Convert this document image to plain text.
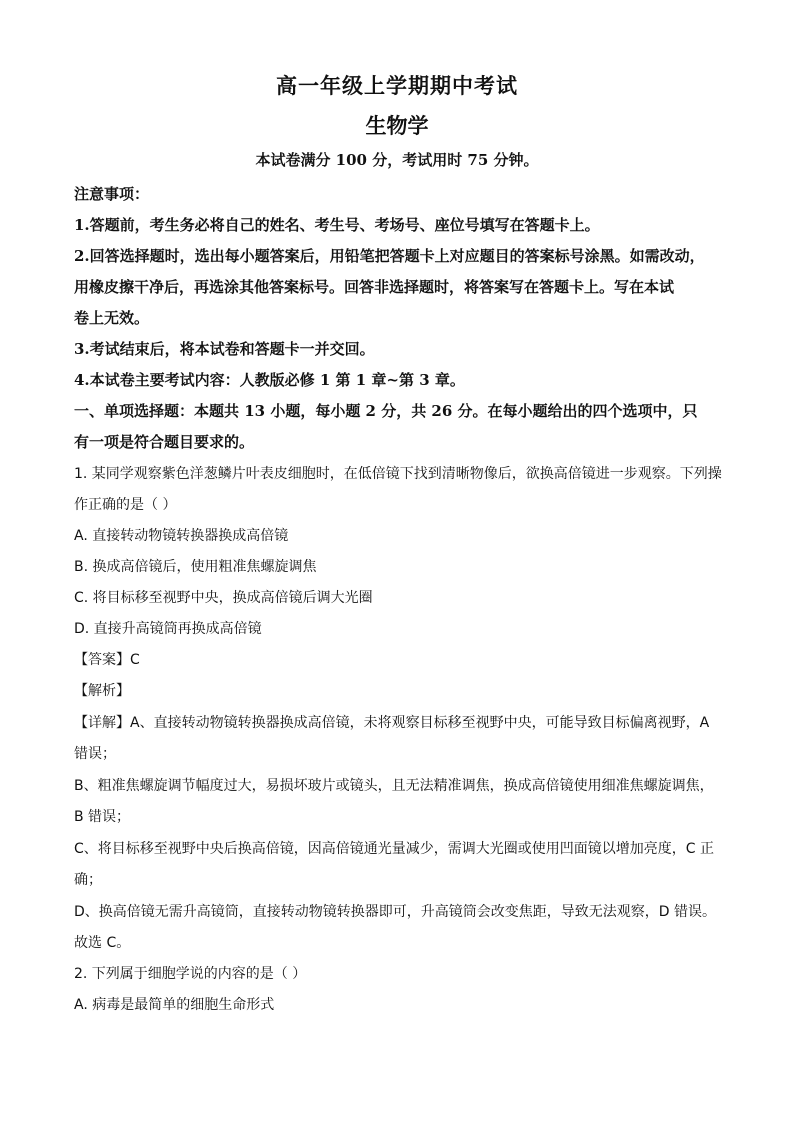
高一年级上学期期中考试
生物学
本试卷满分 100 分，考试用时 75 分钟。
注意事项：
1.答题前，考生务必将自己的姓名、考生号、考场号、座位号填写在答题卡上。
2.回答选择题时，选出每小题答案后，用铅笔把答题卡上对应题目的答案标号涂黑。如需改动，
用橡皮擦干净后，再选涂其他答案标号。回答非选择题时，将答案写在答题卡上。写在本试
卷上无效。
3.考试结束后，将本试卷和答题卡一并交回。
4.本试卷主要考试内容：人教版必修 1 第 1 章~第 3 章。
一、单项选择题：本题共 13 小题，每小题 2 分，共 26 分。在每小题给出的四个选项中，只
有一项是符合题目要求的。
1. 某同学观察紫色洋葱鳞片叶表皮细胞时，在低倍镜下找到清晰物像后，欲换高倍镜进一步观察。下列操
作正确的是（ ）
A. 直接转动物镜转换器换成高倍镜
B. 换成高倍镜后，使用粗准焦螺旋调焦
C. 将目标移至视野中央，换成高倍镜后调大光圈
D. 直接升高镜筒再换成高倍镜
【答案】C
【解析】
【详解】A、直接转动物镜转换器换成高倍镜，未将观察目标移至视野中央，可能导致目标偏离视野，A
错误；
B、粗准焦螺旋调节幅度过大，易损坏玻片或镜头，且无法精准调焦，换成高倍镜使用细准焦螺旋调焦，
B 错误；
C、将目标移至视野中央后换高倍镜，因高倍镜通光量减少，需调大光圈或使用凹面镜以增加亮度，C 正
确；
D、换高倍镜无需升高镜筒，直接转动物镜转换器即可，升高镜筒会改变焦距，导致无法观察，D 错误。
故选 C。
2. 下列属于细胞学说的内容的是（ ）
A. 病毒是最简单的细胞生命形式
